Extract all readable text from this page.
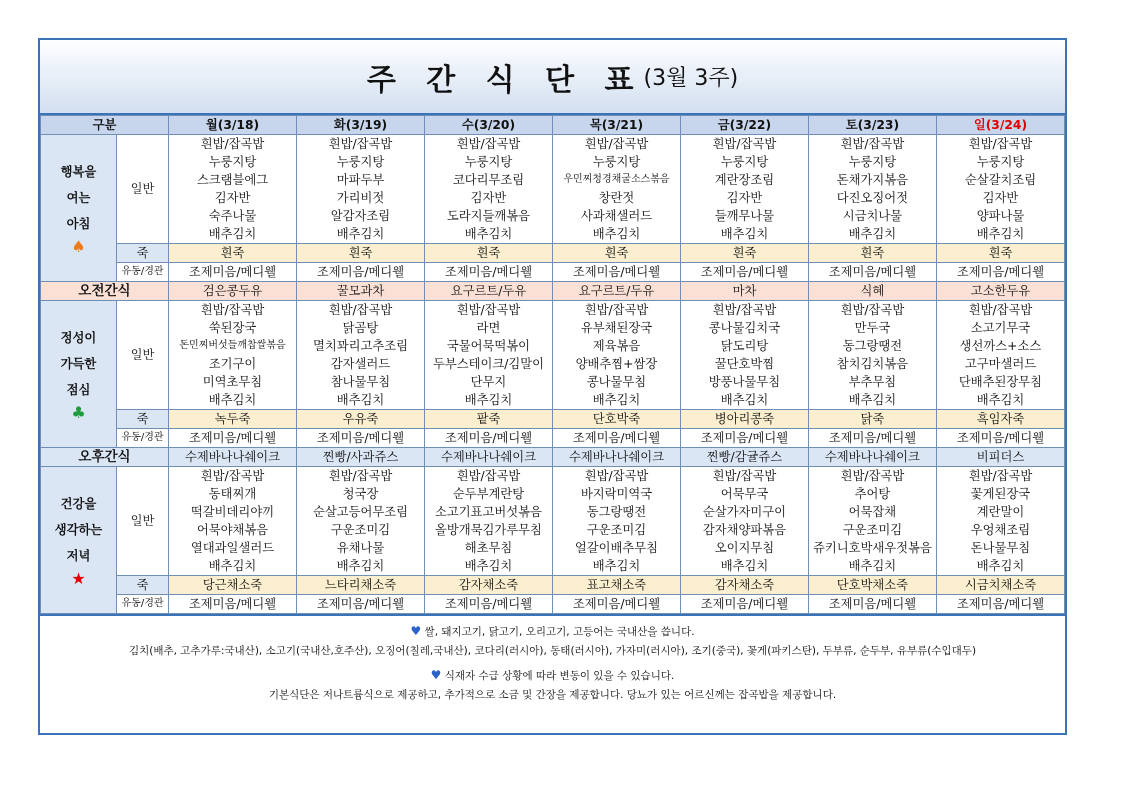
주 간 식 단 표 (3월 3주)
구분		월(3/18)	화(3/19)	수(3/20)	목(3/21)	금(3/22)	토(3/23)	일(3/24)

행복을
여는
아침
♠	일반	흰밥/잡곡밥	흰밥/잡곡밥	흰밥/잡곡밥	흰밥/잡곡밥	흰밥/잡곡밥	흰밥/잡곡밥	흰밥/잡곡밥
		누룽지탕	누룽지탕	누룽지탕	누룽지탕	누룽지탕	누룽지탕	누룽지탕
		스크램블에그	마파두부	코다리무조림	우민찌청경채굴소스볶음	계란장조림	돈채가지볶음	순살갈치조림
		김자반	가리비젓	김자반	창란젓	김자반	다진오징어젓	김자반
		숙주나물	알감자조림	도라지들깨볶음	사과채샐러드	들깨무나물	시금치나물	양파나물
		배추김치	배추김치	배추김치	배추김치	배추김치	배추김치	배추김치
	죽	흰죽	흰죽	흰죽	흰죽	흰죽	흰죽	흰죽
	유동/경관	조제미음/메디웰	조제미음/메디웰	조제미음/메디웰	조제미음/메디웰	조제미음/메디웰	조제미음/메디웰	조제미음/메디웰
오전간식		검은콩두유	꿀모과차	요구르트/두유	요구르트/두유	마차	식혜	고소한두유

정성이
가득한
점심
♣	일반	흰밥/잡곡밥	흰밥/잡곡밥	흰밥/잡곡밥	흰밥/잡곡밥	흰밥/잡곡밥	흰밥/잡곡밥	흰밥/잡곡밥
		쑥된장국	닭곰탕	라면	유부채된장국	콩나물김치국	만두국	소고기무국
		돈민찌버섯들깨찹쌀볶음	멸치꽈리고추조림	국물어묵떡볶이	제육볶음	닭도리탕	동그랑땡전	생선까스+소스
		조기구이	감자샐러드	두부스테이크/김말이	양배추찜+쌈장	꿀단호박찜	참치김치볶음	고구마샐러드
		미역초무침	참나물무침	단무지	콩나물무침	방풍나물무침	부추무침	단배추된장무침
		배추김치	배추김치	배추김치	배추김치	배추김치	배추김치	배추김치
	죽	녹두죽	우유죽	팥죽	단호박죽	병아리콩죽	닭죽	흑임자죽
	유동/경관	조제미음/메디웰	조제미음/메디웰	조제미음/메디웰	조제미음/메디웰	조제미음/메디웰	조제미음/메디웰	조제미음/메디웰
오후간식		수제바나나쉐이크	찐빵/사과쥬스	수제바나나쉐이크	수제바나나쉐이크	찐빵/감귤쥬스	수제바나나쉐이크	비피더스

건강을
생각하는
저녁
★	일반	흰밥/잡곡밥	흰밥/잡곡밥	흰밥/잡곡밥	흰밥/잡곡밥	흰밥/잡곡밥	흰밥/잡곡밥	흰밥/잡곡밥
		동태찌개	청국장	순두부계란탕	바지락미역국	어묵무국	추어탕	꽃게된장국
		떡갈비데리야끼	순살고등어무조림	소고기표고버섯볶음	동그랑땡전	순살가자미구이	어묵잡채	계란말이
		어묵야채볶음	구운조미김	올방개묵김가루무침	구운조미김	감자채양파볶음	구운조미김	우엉채조림
		열대과일샐러드	유채나물	해초무침	얼갈이배추무침	오이지무침	쥬키니호박새우젓볶음	돈나물무침
		배추김치	배추김치	배추김치	배추김치	배추김치	배추김치	배추김치
	죽	당근채소죽	느타리채소죽	감자채소죽	표고채소죽	감자채소죽	단호박채소죽	시금치채소죽
	유동/경관	조제미음/메디웰	조제미음/메디웰	조제미음/메디웰	조제미음/메디웰	조제미음/메디웰	조제미음/메디웰	조제미음/메디웰
♥ 쌀, 돼지고기, 닭고기, 오리고기, 고등어는 국내산을 씁니다.
김치(배추, 고추가루:국내산), 소고기(국내산,호주산), 오징어(칠레,국내산), 코다리(러시아), 동태(러시아), 가자미(러시아), 조기(중국), 꽃게(파키스탄), 두부류, 순두부, 유부류(수입대두)
♥ 식재자 수급 상황에 따라 변동이 있을 수 있습니다.
기본식단은 저나트륨식으로 제공하고, 추가적으로 소금 및 간장을 제공합니다. 당뇨가 있는 어르신께는 잡곡밥을 제공합니다.
